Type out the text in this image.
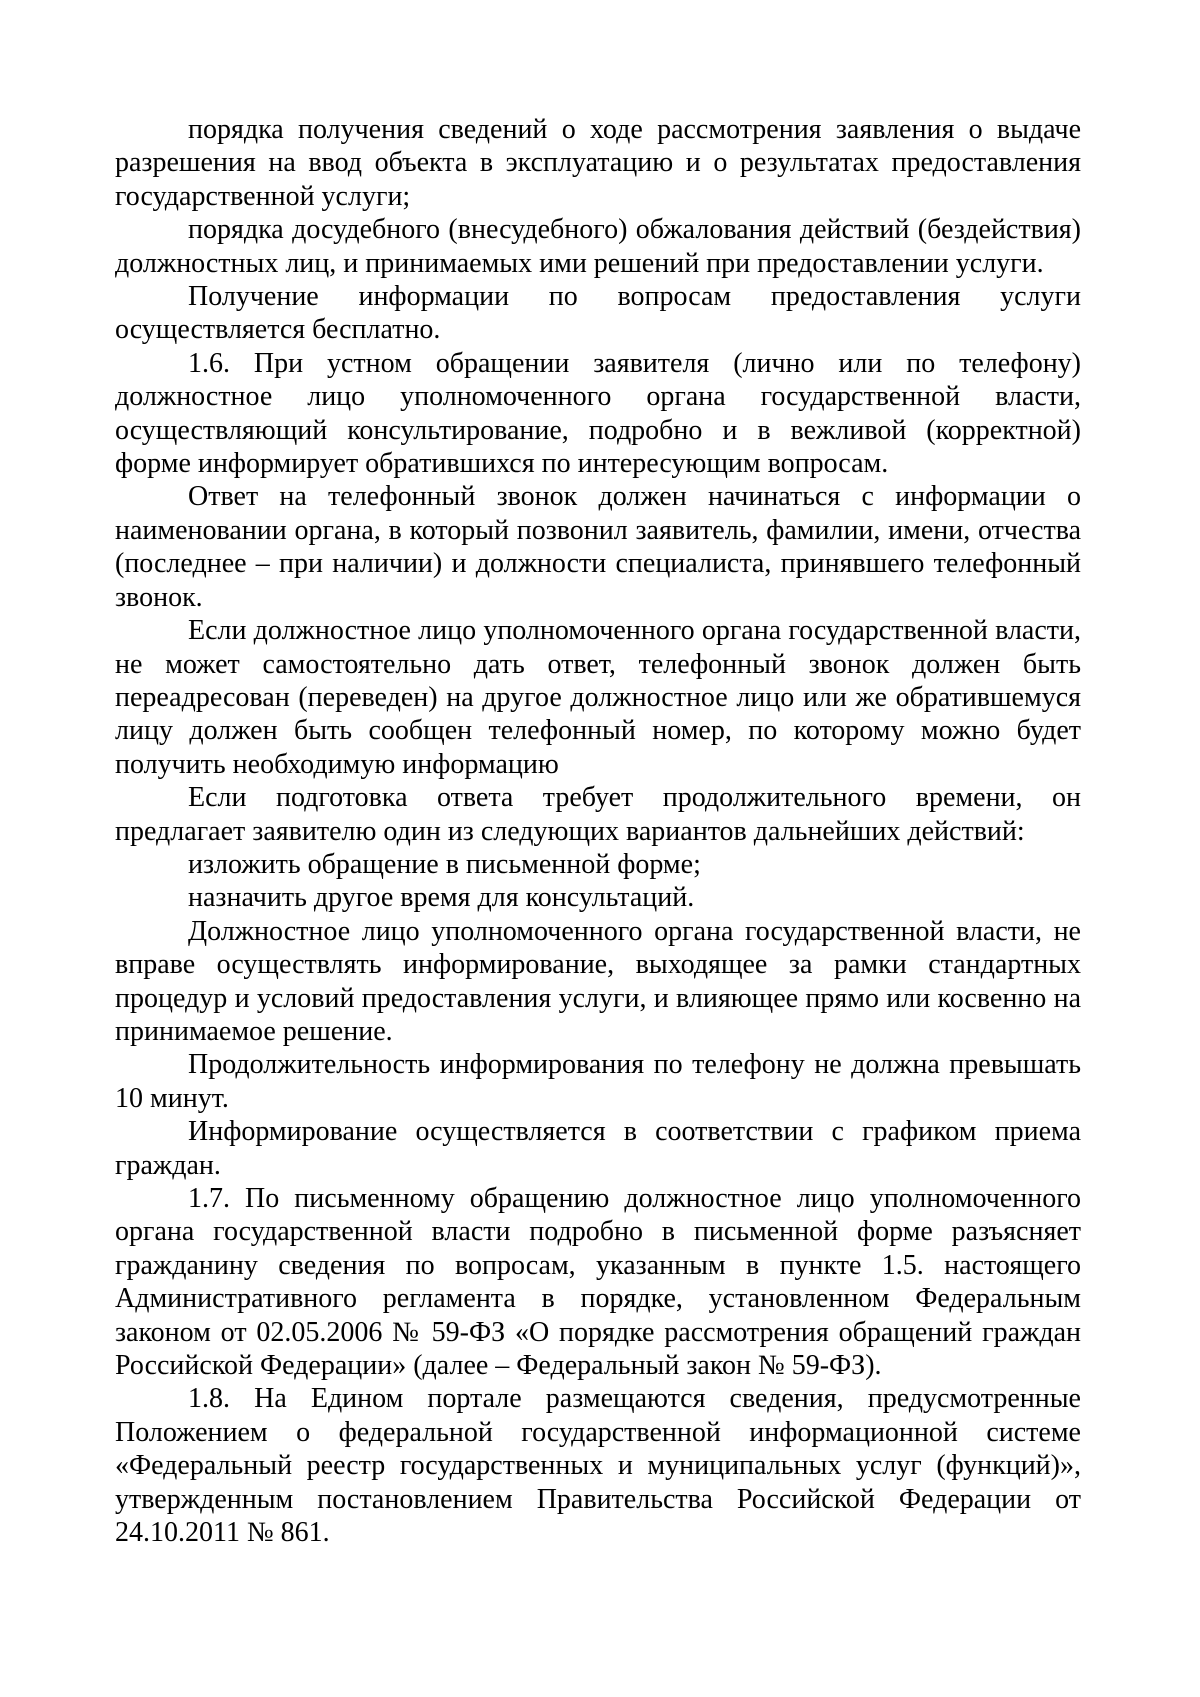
порядка получения сведений о ходе рассмотрения заявления о выдаче разрешения на ввод объекта в эксплуатацию и о результатах предоставления государственной услуги;

порядка досудебного (внесудебного) обжалования действий (бездействия) должностных лиц, и принимаемых ими решений при предоставлении услуги.

Получение информации по вопросам предоставления услуги осуществляется бесплатно.

1.6. При устном обращении заявителя (лично или по телефону) должностное лицо уполномоченного органа государственной власти, осуществляющий консультирование, подробно и в вежливой (корректной) форме информирует обратившихся по интересующим вопросам.

Ответ на телефонный звонок должен начинаться с информации о наименовании органа, в который позвонил заявитель, фамилии, имени, отчества (последнее – при наличии) и должности специалиста, принявшего телефонный звонок.

Если должностное лицо уполномоченного органа государственной власти, не может самостоятельно дать ответ, телефонный звонок должен быть переадресован (переведен) на другое должностное лицо или же обратившемуся лицу должен быть сообщен телефонный номер, по которому можно будет получить необходимую информацию

Если подготовка ответа требует продолжительного времени, он предлагает заявителю один из следующих вариантов дальнейших действий:

изложить обращение в письменной форме;

назначить другое время для консультаций.

Должностное лицо уполномоченного органа государственной власти, не вправе осуществлять информирование, выходящее за рамки стандартных процедур и условий предоставления услуги, и влияющее прямо или косвенно на принимаемое решение.

Продолжительность информирования по телефону не должна превышать 10 минут.

Информирование осуществляется в соответствии с графиком приема граждан.

1.7. По письменному обращению должностное лицо уполномоченного органа государственной власти подробно в письменной форме разъясняет гражданину сведения по вопросам, указанным в пункте 1.5. настоящего Административного регламента в порядке, установленном Федеральным законом от 02.05.2006 № 59-ФЗ «О порядке рассмотрения обращений граждан Российской Федерации» (далее – Федеральный закон № 59-ФЗ).

1.8. На Едином портале размещаются сведения, предусмотренные Положением о федеральной государственной информационной системе «Федеральный реестр государственных и муниципальных услуг (функций)», утвержденным постановлением Правительства Российской Федерации от 24.10.2011 № 861.
